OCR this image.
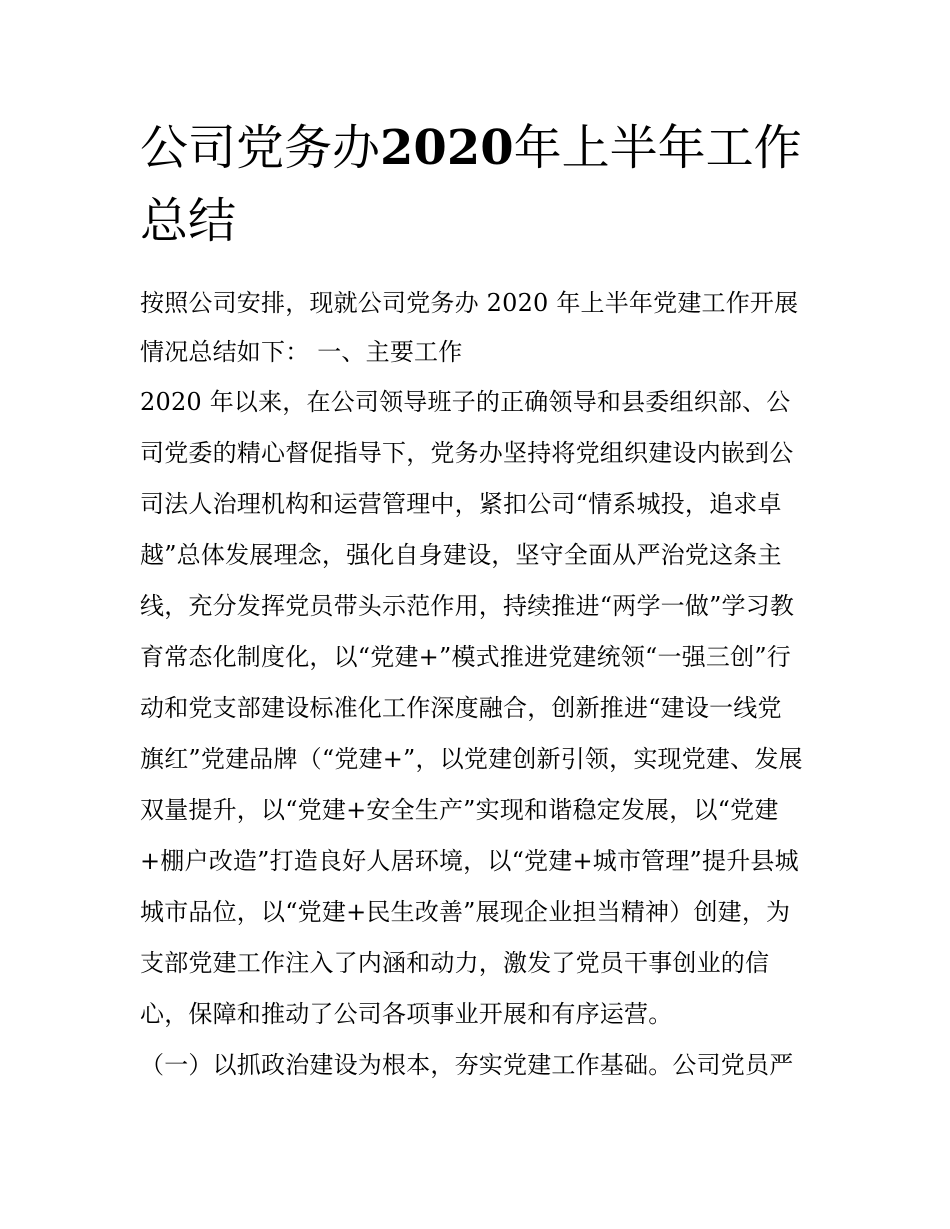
公司党务办2020年上半年工作
总结
按照公司安排，现就公司党务办 2020 年上半年党建工作开展
情况总结如下： 一、主要工作
2020 年以来，在公司领导班子的正确领导和县委组织部、公
司党委的精心督促指导下，党务办坚持将党组织建设内嵌到公
司法人治理机构和运营管理中，紧扣公司“情系城投，追求卓
越”总体发展理念，强化自身建设，坚守全面从严治党这条主
线，充分发挥党员带头示范作用，持续推进“两学一做”学习教
育常态化制度化，以“党建+”模式推进党建统领“一强三创”行
动和党支部建设标准化工作深度融合，创新推进“建设一线党
旗红”党建品牌（“党建+”，以党建创新引领，实现党建、发展
双量提升，以“党建+安全生产”实现和谐稳定发展，以“党建
+棚户改造”打造良好人居环境，以“党建+城市管理”提升县城
城市品位，以“党建+民生改善”展现企业担当精神）创建，为
支部党建工作注入了内涵和动力，激发了党员干事创业的信
心，保障和推动了公司各项事业开展和有序运营。
（一）以抓政治建设为根本，夯实党建工作基础。公司党员严
